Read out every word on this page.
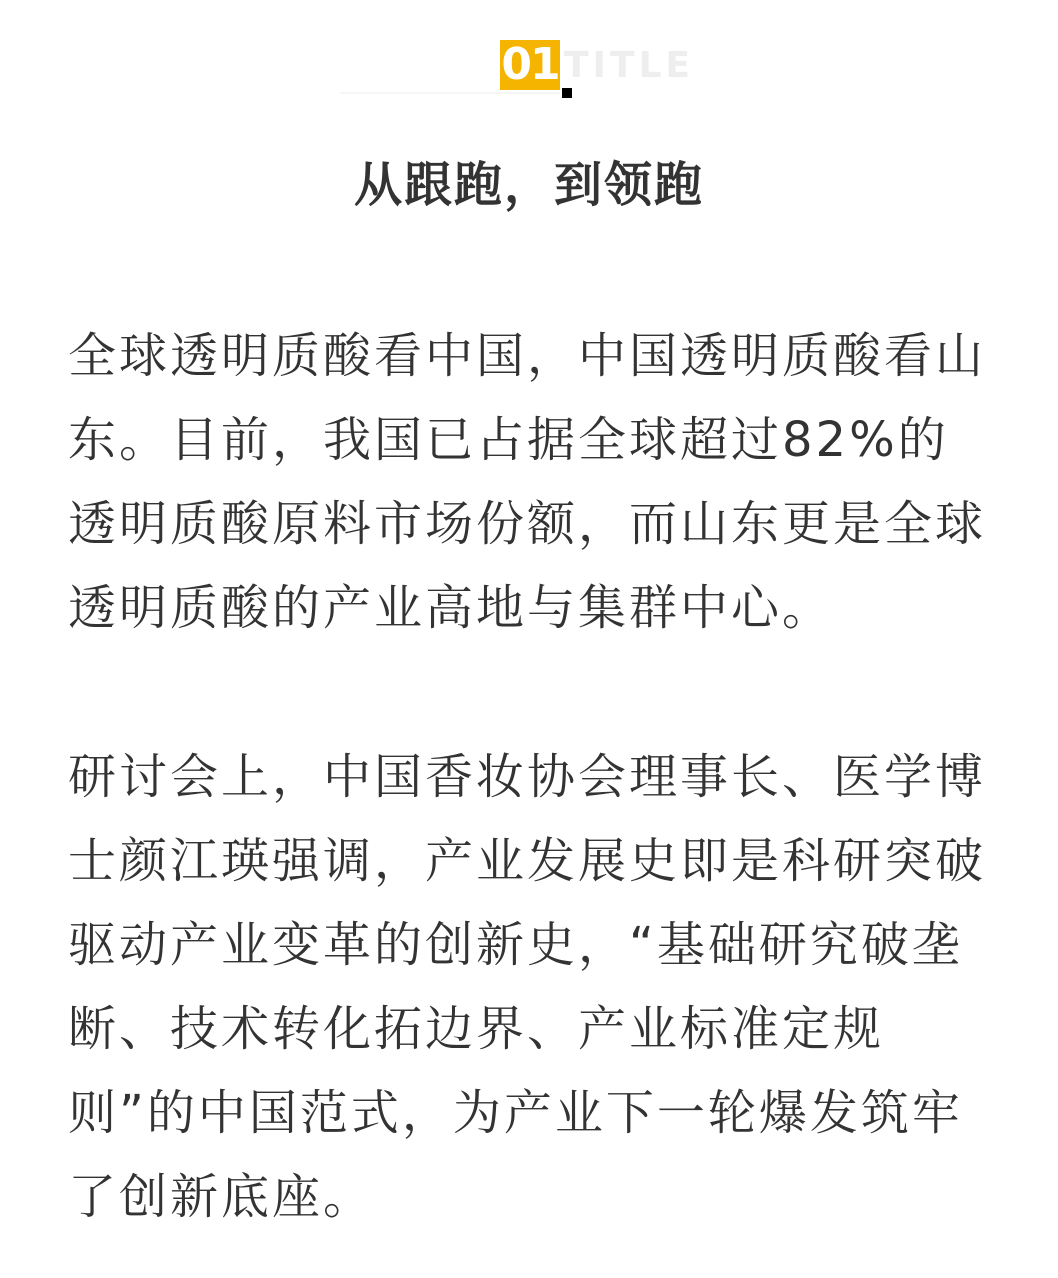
01 TITLE
从跟跑，到领跑

全球透明质酸看中国，中国透明质酸看山东。目前，我国已占据全球超过82%的透明质酸原料市场份额，而山东更是全球透明质酸的产业高地与集群中心。

研讨会上，中国香妆协会理事长、医学博士颜江瑛强调，产业发展史即是科研突破驱动产业变革的创新史，“基础研究破垄断、技术转化拓边界、产业标准定规则”的中国范式，为产业下一轮爆发筑牢了创新底座。
